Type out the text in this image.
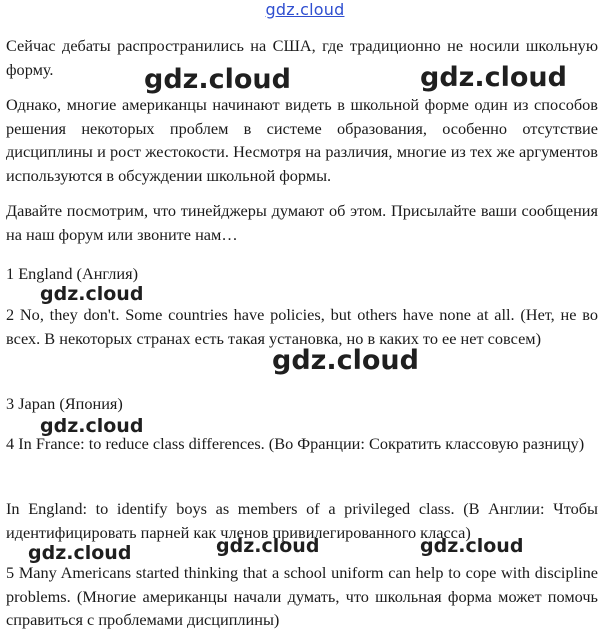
gdz.cloud

Сейчас дебаты распространились на США, где традиционно не носили школьную форму.

Однако, многие американцы начинают видеть в школьной форме один из способов решения некоторых проблем в системе образования, особенно отсутствие дисциплины и рост жестокости. Несмотря на различия, многие из тех же аргументов используются в обсуждении школьной формы.

Давайте посмотрим, что тинейджеры думают об этом. Присылайте ваши сообщения на наш форум или звоните нам…

1 England (Англия)

2 No, they don't. Some countries have policies, but others have none at all. (Нет, не во всех. В некоторых странах есть такая установка, но в каких то ее нет совсем)

3 Japan (Япония)

4 In France: to reduce class differences. (Во Франции: Сократить классовую разницу)

In England: to identify boys as members of a privileged class. (В Англии: Чтобы идентифицировать парней как членов привилегированного класса)

5 Many Americans started thinking that a school uniform can help to cope with discipline problems. (Многие американцы начали думать, что школьная форма может помочь справиться с проблемами дисциплины)

gdz.cloud	gdz.cloud
gdz.cloud
gdz.cloud
gdz.cloud
gdz.cloud	gdz.cloud	gdz.cloud
